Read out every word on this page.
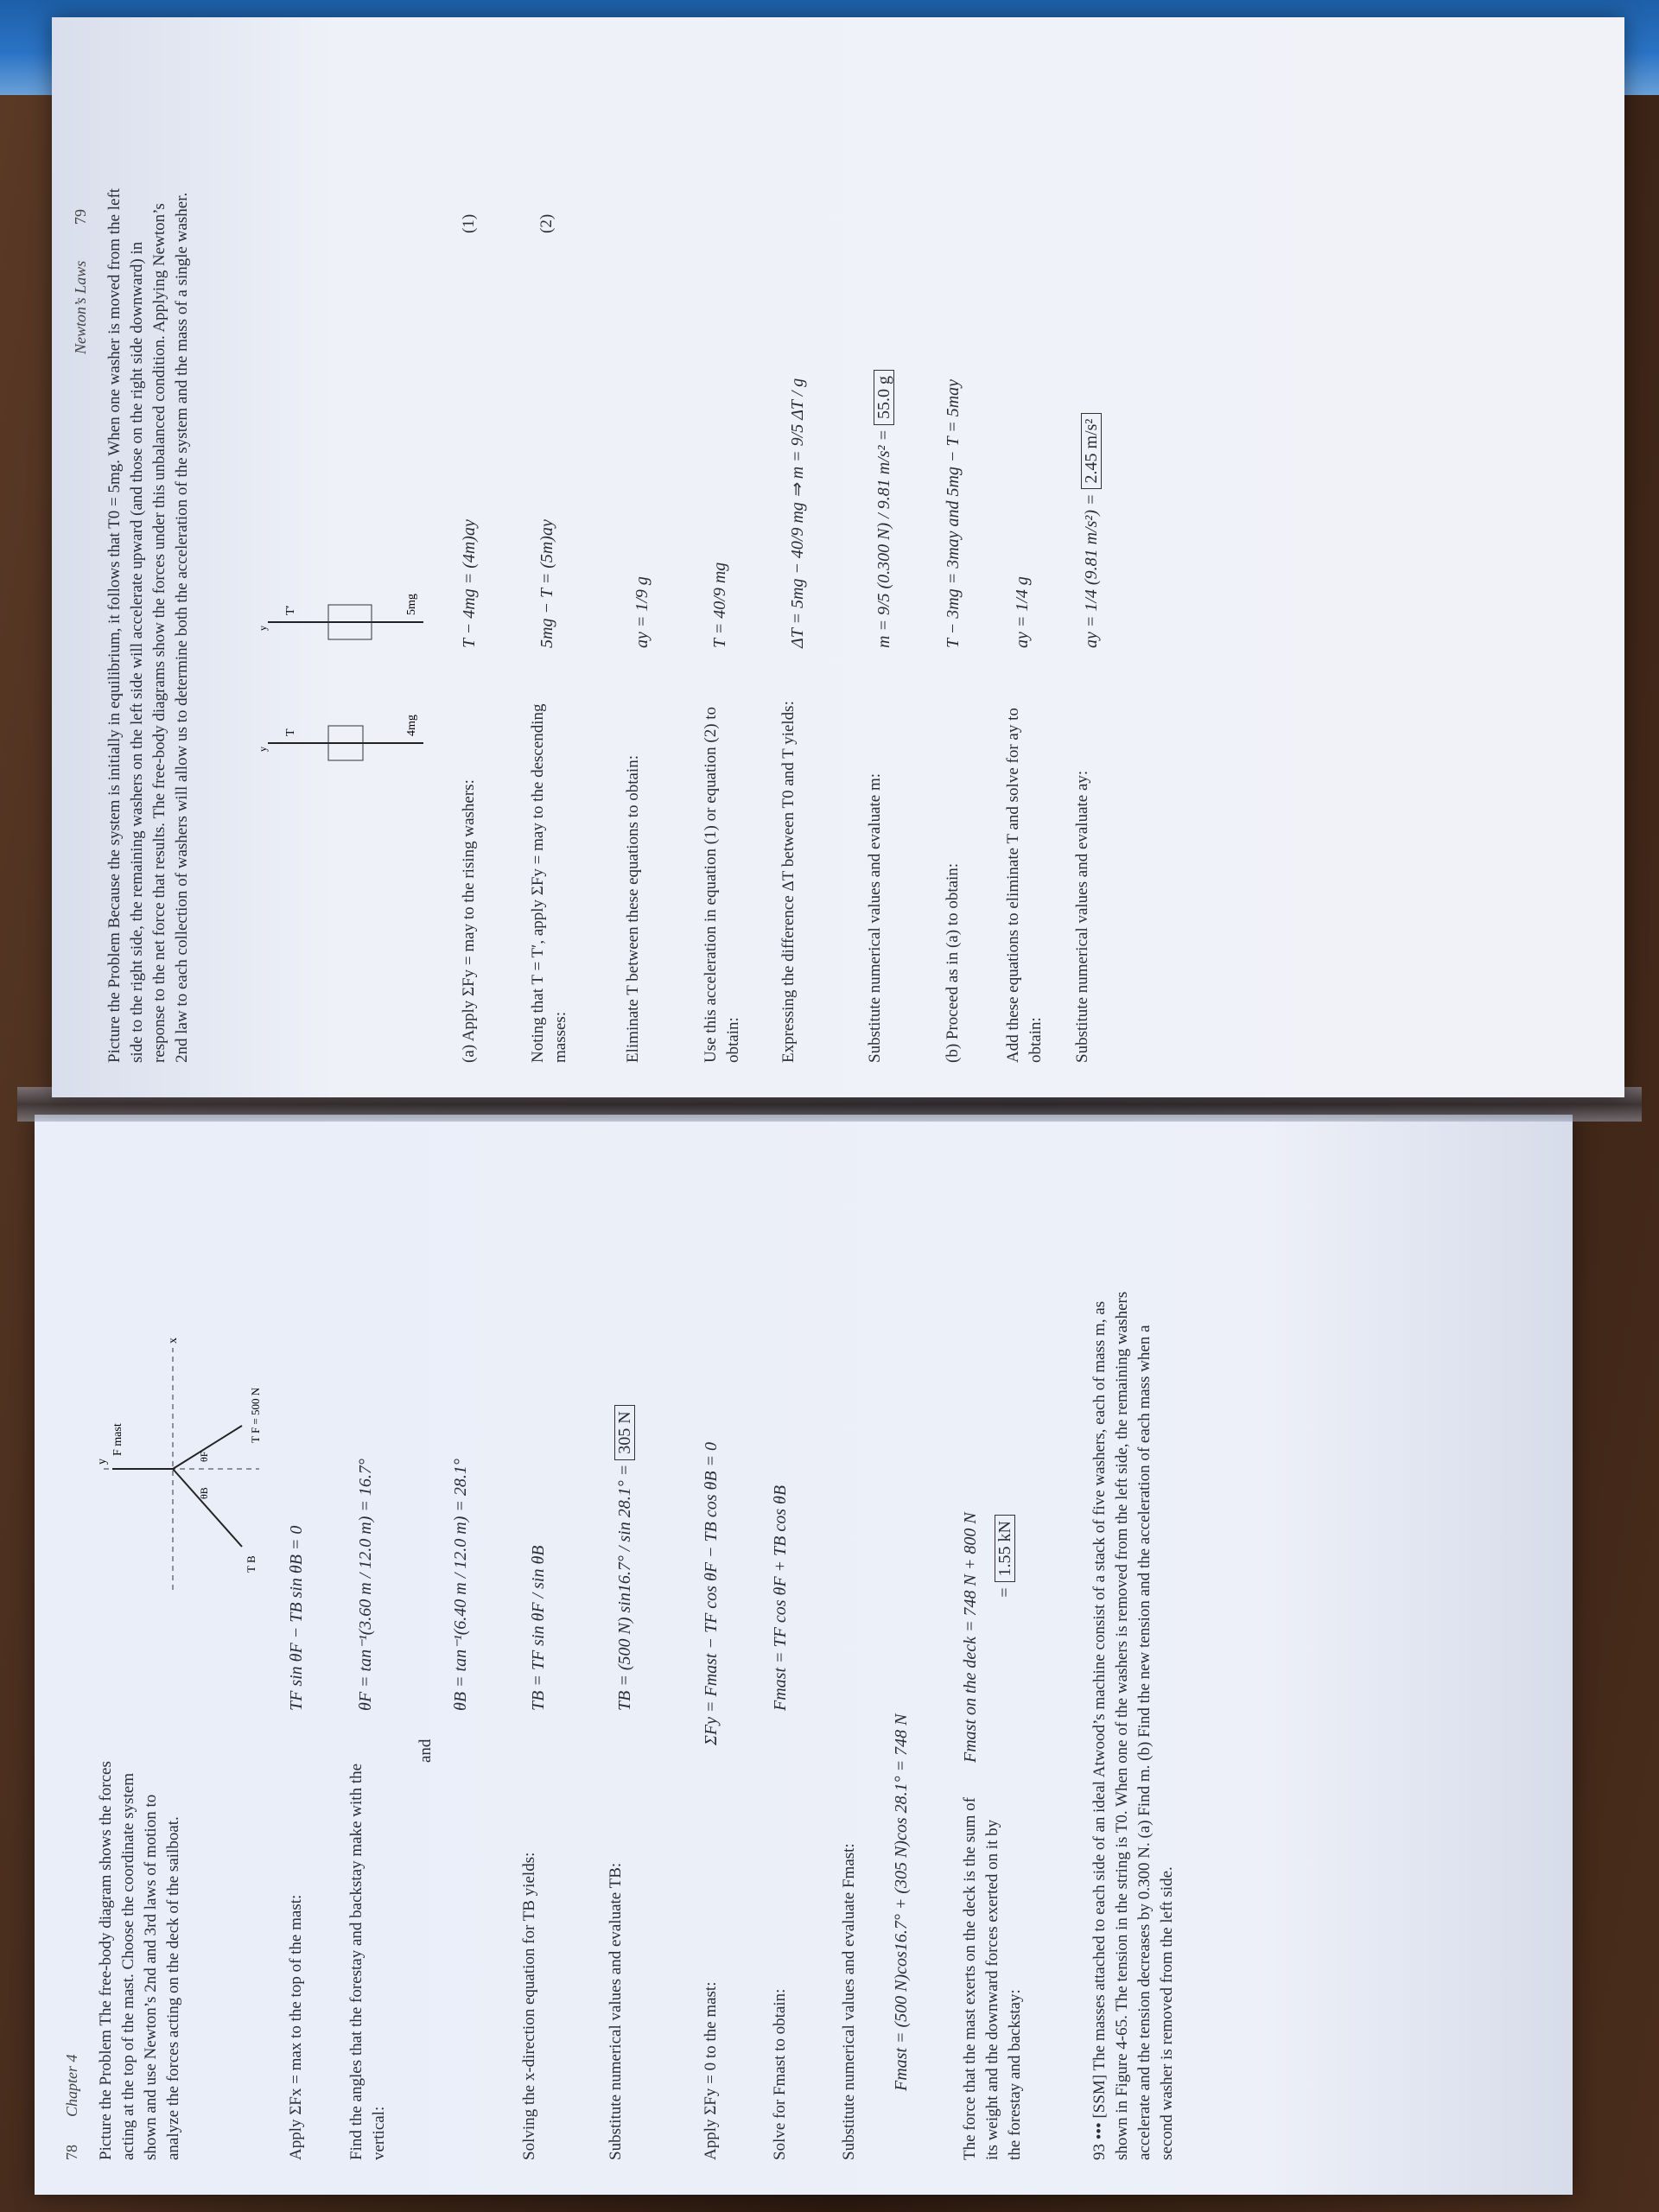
78
Chapter 4 Picture the Problem The free-body diagram shows the forces acting at the top of the mast. Choose the coordinate system shown and use Newton’s 2nd and 3rd laws of motion to analyze the forces acting on the deck of the sailboat.
F mast
x
y
T F = 500 N
T B
θF
θB
Apply ΣFx = max to the top of the mast:
TF sin θF − TB sin θB = 0
Find the angles that the forestay and backstay make with the vertical:
θF = tan⁻¹(3.60 m / 12.0 m) = 16.7°
and
θB = tan⁻¹(6.40 m / 12.0 m) = 28.1°
Solving the x-direction equation for TB yields:
TB = TF sin θF / sin θB
Substitute numerical values and evaluate TB:
TB = (500 N) sin16.7° / sin 28.1° = 305 N
Apply ΣFy = 0 to the mast:
ΣFy = Fmast − TF cos θF − TB cos θB = 0
Solve for Fmast to obtain:
Fmast = TF cos θF + TB cos θB
Substitute numerical values and evaluate Fmast: Fmast = (500 N)cos16.7° + (305 N)cos 28.1° = 748 N	The force that the mast exerts on the deck is the sum of its weight and the downward forces exerted on it by the forestay and backstay:
Fmast on the deck = 748 N + 800 N = 1.55 kN	93 ••• [SSM] The masses attached to each side of an ideal Atwood’s machine consist of a stack of five washers, each of mass m, as shown in Figure 4-65. The tension in the string is T0. When one of the washers is removed from the left side, the remaining washers accelerate and the tension decreases by 0.300 N. (a) Find m. (b) Find the new tension and the acceleration of each mass when a second washer is removed from the left side.
Newton’s Laws
79 Picture the Problem Because the system is initially in equilibrium, it follows that T0 = 5mg. When one washer is moved from the left side to the right side, the remaining washers on the left side will accelerate upward (and those on the right side downward) in response to the net force that results. The free-body diagrams show the forces under this unbalanced condition. Applying Newton’s 2nd law to each collection of washers will allow us to determine both the acceleration of the system and the mass of a single washer.	T	4mg
T′	5mg
y
y
(a) Apply ΣFy = may to the rising washers:
T − 4mg = (4m)ay
(1)
Noting that T = T′, apply ΣFy = may to the descending masses:
5mg − T = (5m)ay
(2)
Eliminate T between these equations to obtain:
ay = 1/9 g
Use this acceleration in equation (1) or equation (2) to obtain:
T = 40/9 mg
Expressing the difference ΔT between T0 and T yields:
ΔT = 5mg − 40/9 mg ⇒ m = 9/5 ΔT / g
Substitute numerical values and evaluate m:
m = 9/5 (0.300 N) / 9.81 m/s² = 55.0 g
(b) Proceed as in (a) to obtain:
T − 3mg = 3may and 5mg − T = 5may
Add these equations to eliminate T and solve for ay to obtain:
ay = 1/4 g
Substitute numerical values and evaluate ay:
ay = 1/4 (9.81 m/s²) = 2.45 m/s²
